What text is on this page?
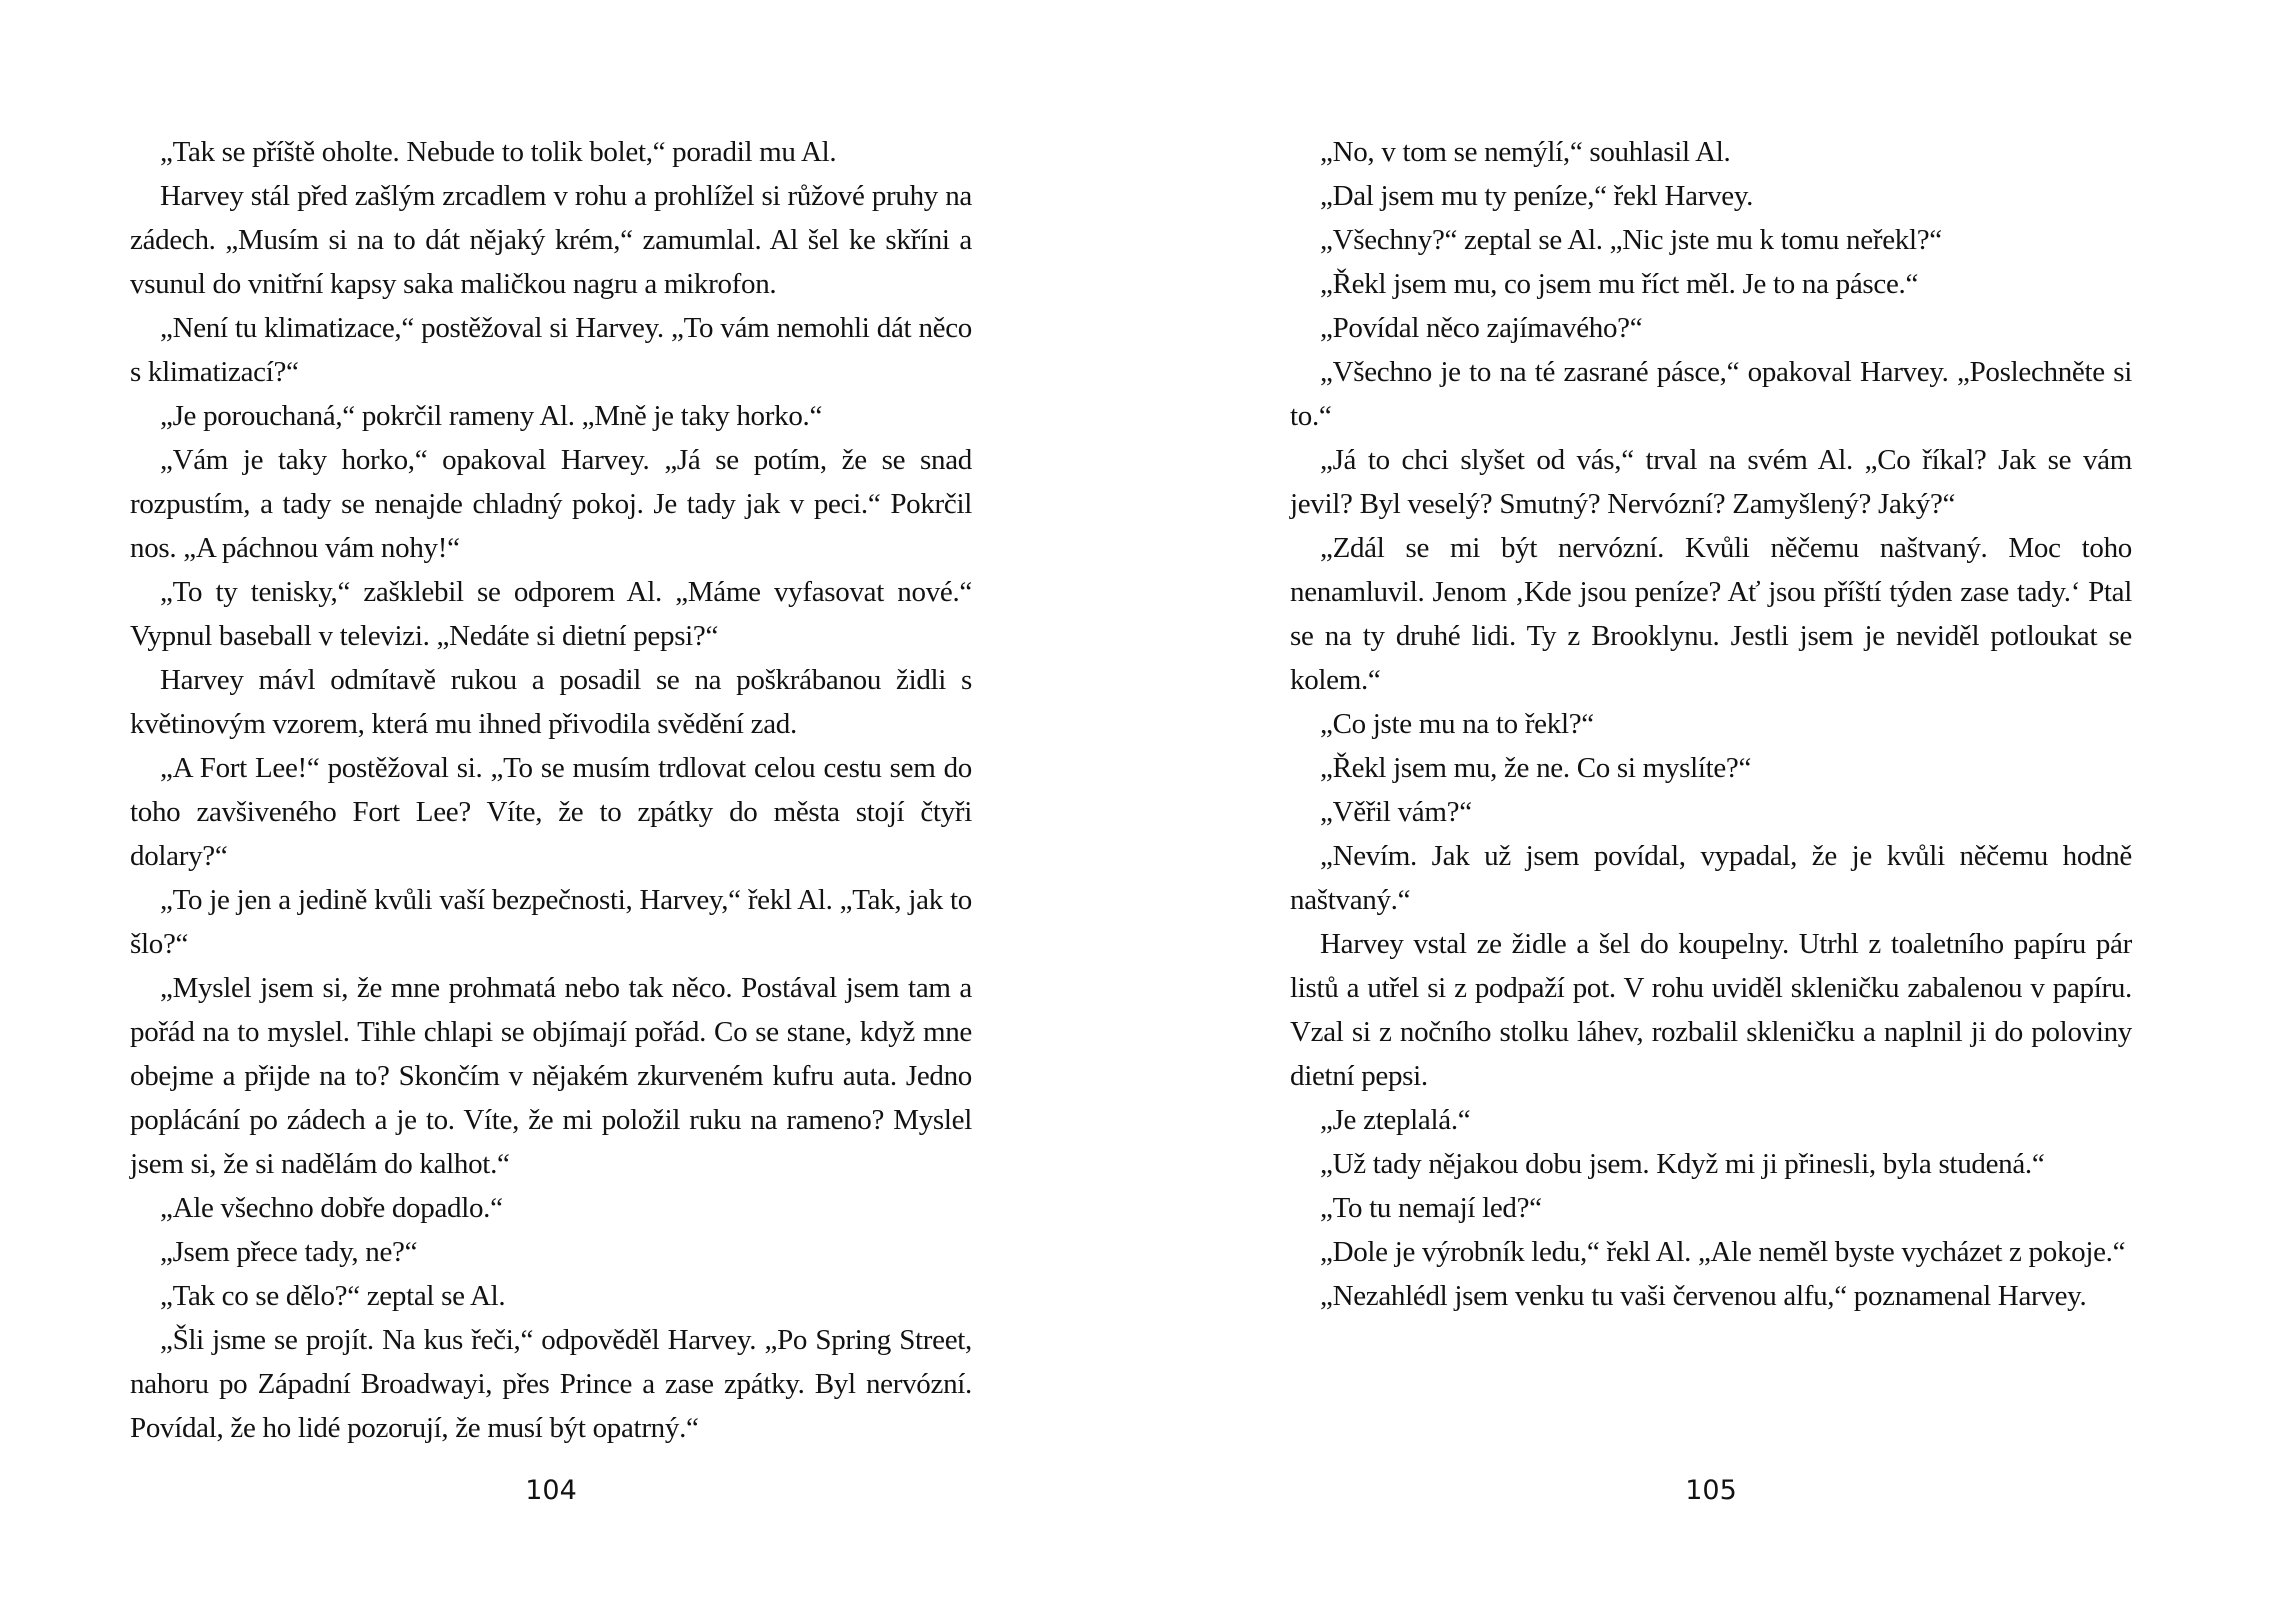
„Tak se příště oholte. Nebude to tolik bolet,“ poradil mu Al.

Harvey stál před zašlým zrcadlem v rohu a prohlížel si růžové pruhy na zádech. „Musím si na to dát nějaký krém,“ zamumlal. Al šel ke skříni a vsunul do vnitřní kapsy saka maličkou nagru a mikrofon.

„Není tu klimatizace,“ postěžoval si Harvey. „To vám nemohli dát něco s klimatizací?“

„Je porouchaná,“ pokrčil rameny Al. „Mně je taky horko.“

„Vám je taky horko,“ opakoval Harvey. „Já se potím, že se snad rozpustím, a tady se nenajde chladný pokoj. Je tady jak v peci.“ Pokrčil nos. „A páchnou vám nohy!“

„To ty tenisky,“ zašklebil se odporem Al. „Máme vyfasovat nové.“ Vypnul baseball v televizi. „Nedáte si dietní pepsi?“

Harvey mávl odmítavě rukou a posadil se na poškrábanou židli s květinovým vzorem, která mu ihned přivodila svědění zad.

„A Fort Lee!“ postěžoval si. „To se musím trdlovat celou cestu sem do toho zavšiveného Fort Lee? Víte, že to zpátky do města stojí čtyři dolary?“

„To je jen a jedině kvůli vaší bezpečnosti, Harvey,“ řekl Al. „Tak, jak to šlo?“

„Myslel jsem si, že mne prohmatá nebo tak něco. Postával jsem tam a pořád na to myslel. Tihle chlapi se objímají pořád. Co se stane, když mne obejme a přijde na to? Skončím v nějakém zkurveném kufru auta. Jedno poplácání po zádech a je to. Víte, že mi položil ruku na rameno? Myslel jsem si, že si nadělám do kalhot.“

„Ale všechno dobře dopadlo.“

„Jsem přece tady, ne?“

„Tak co se dělo?“ zeptal se Al.

„Šli jsme se projít. Na kus řeči,“ odpověděl Harvey. „Po Spring Street, nahoru po Západní Broadwayi, přes Prince a zase zpátky. Byl nervózní. Povídal, že ho lidé pozorují, že musí být opatrný.“

104

„No, v tom se nemýlí,“ souhlasil Al.

„Dal jsem mu ty peníze,“ řekl Harvey.

„Všechny?“ zeptal se Al. „Nic jste mu k tomu neřekl?“

„Řekl jsem mu, co jsem mu říct měl. Je to na pásce.“

„Povídal něco zajímavého?“

„Všechno je to na té zasrané pásce,“ opakoval Harvey. „Poslechněte si to.“

„Já to chci slyšet od vás,“ trval na svém Al. „Co říkal? Jak se vám jevil? Byl veselý? Smutný? Nervózní? Zamyšlený? Jaký?“

„Zdál se mi být nervózní. Kvůli něčemu naštvaný. Moc toho nenamluvil. Jenom ‚Kde jsou peníze? Ať jsou příští týden zase tady.‘ Ptal se na ty druhé lidi. Ty z Brooklynu. Jestli jsem je neviděl potloukat se kolem.“

„Co jste mu na to řekl?“

„Řekl jsem mu, že ne. Co si myslíte?“

„Věřil vám?“

„Nevím. Jak už jsem povídal, vypadal, že je kvůli něčemu hodně naštvaný.“

Harvey vstal ze židle a šel do koupelny. Utrhl z toaletního papíru pár listů a utřel si z podpaží pot. V rohu uviděl skleničku zabalenou v papíru. Vzal si z nočního stolku láhev, rozbalil skleničku a naplnil ji do poloviny dietní pepsi.

„Je zteplalá.“

„Už tady nějakou dobu jsem. Když mi ji přinesli, byla studená.“

„To tu nemají led?“

„Dole je výrobník ledu,“ řekl Al. „Ale neměl byste vycházet z pokoje.“

„Nezahlédl jsem venku tu vaši červenou alfu,“ poznamenal Harvey.

105
